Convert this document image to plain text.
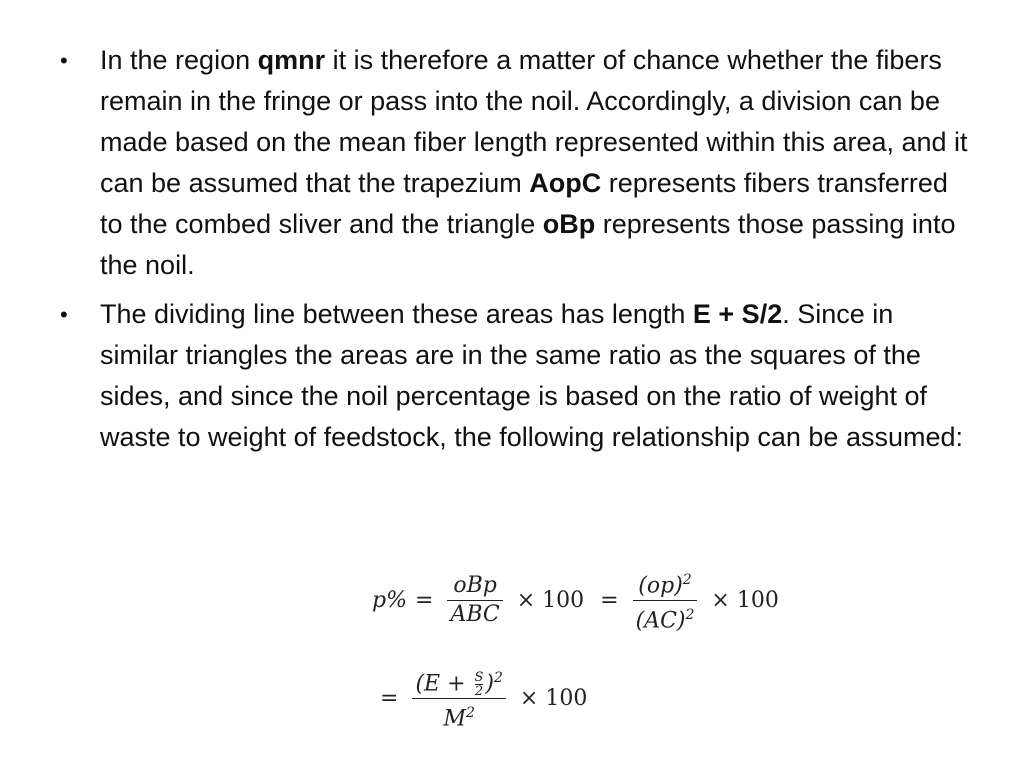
• In the region qmnr it is therefore a matter of chance whether the fibers remain in the fringe or pass into the noil. Accordingly, a division can be made based on the mean fiber length represented within this area, and it can be assumed that the trapezium AopC represents fibers transferred to the combed sliver and the triangle oBp represents those passing into the noil.
• The dividing line between these areas has length E + S/2. Since in similar triangles the areas are in the same ratio as the squares of the sides, and since the noil percentage is based on the ratio of weight of waste to weight of feedstock, the following relationship can be assumed:
$p\% = \frac{\text{oBp}}{\text{ABC}} \times 100 = \frac{(op)^2}{(AC)^2} \times 100$
= $\frac{(E + \frac{S}{2} )^2}{M^2} \times 100$
